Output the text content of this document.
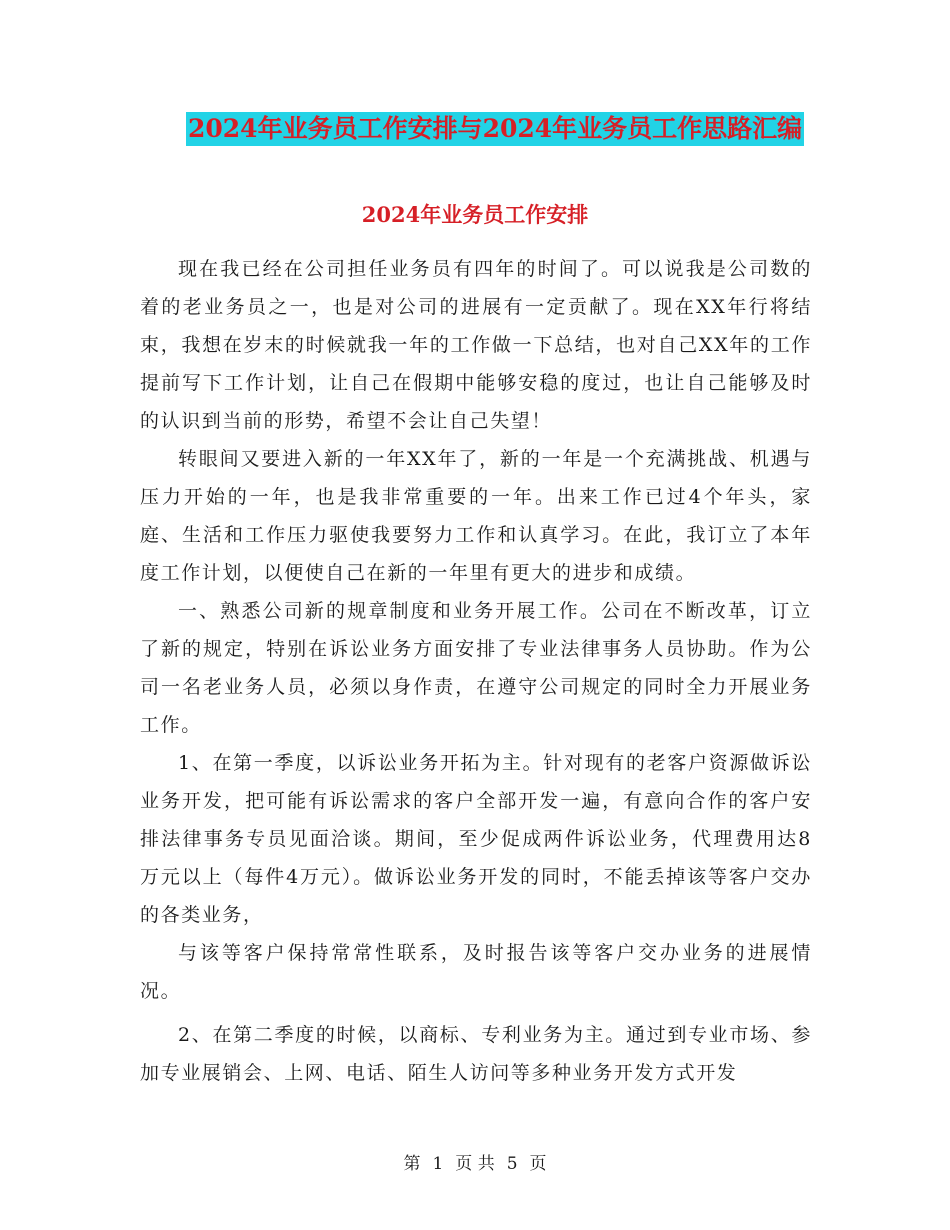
2024年业务员工作安排与2024年业务员工作思路汇编
2024年业务员工作安排

现在我已经在公司担任业务员有四年的时间了。可以说我是公司数的着的老业务员之一，也是对公司的进展有一定贡献了。现在XX年行将结束，我想在岁末的时候就我一年的工作做一下总结，也对自己XX年的工作提前写下工作计划，让自己在假期中能够安稳的度过，也让自己能够及时的认识到当前的形势，希望不会让自己失望！

转眼间又要进入新的一年XX年了，新的一年是一个充满挑战、机遇与压力开始的一年，也是我非常重要的一年。出来工作已过4个年头，家庭、生活和工作压力驱使我要努力工作和认真学习。在此，我订立了本年度工作计划，以便使自己在新的一年里有更大的进步和成绩。

一、熟悉公司新的规章制度和业务开展工作。公司在不断改革，订立了新的规定，特别在诉讼业务方面安排了专业法律事务人员协助。作为公司一名老业务人员，必须以身作责，在遵守公司规定的同时全力开展业务工作。

1、在第一季度，以诉讼业务开拓为主。针对现有的老客户资源做诉讼业务开发，把可能有诉讼需求的客户全部开发一遍，有意向合作的客户安排法律事务专员见面洽谈。期间，至少促成两件诉讼业务，代理费用达8万元以上（每件4万元）。做诉讼业务开发的同时，不能丢掉该等客户交办的各类业务，

与该等客户保持常常性联系，及时报告该等客户交办业务的进展情况。

2、在第二季度的时候，以商标、专利业务为主。通过到专业市场、参加专业展销会、上网、电话、陌生人访问等多种业务开发方式开发

第 1 页 共 5 页
